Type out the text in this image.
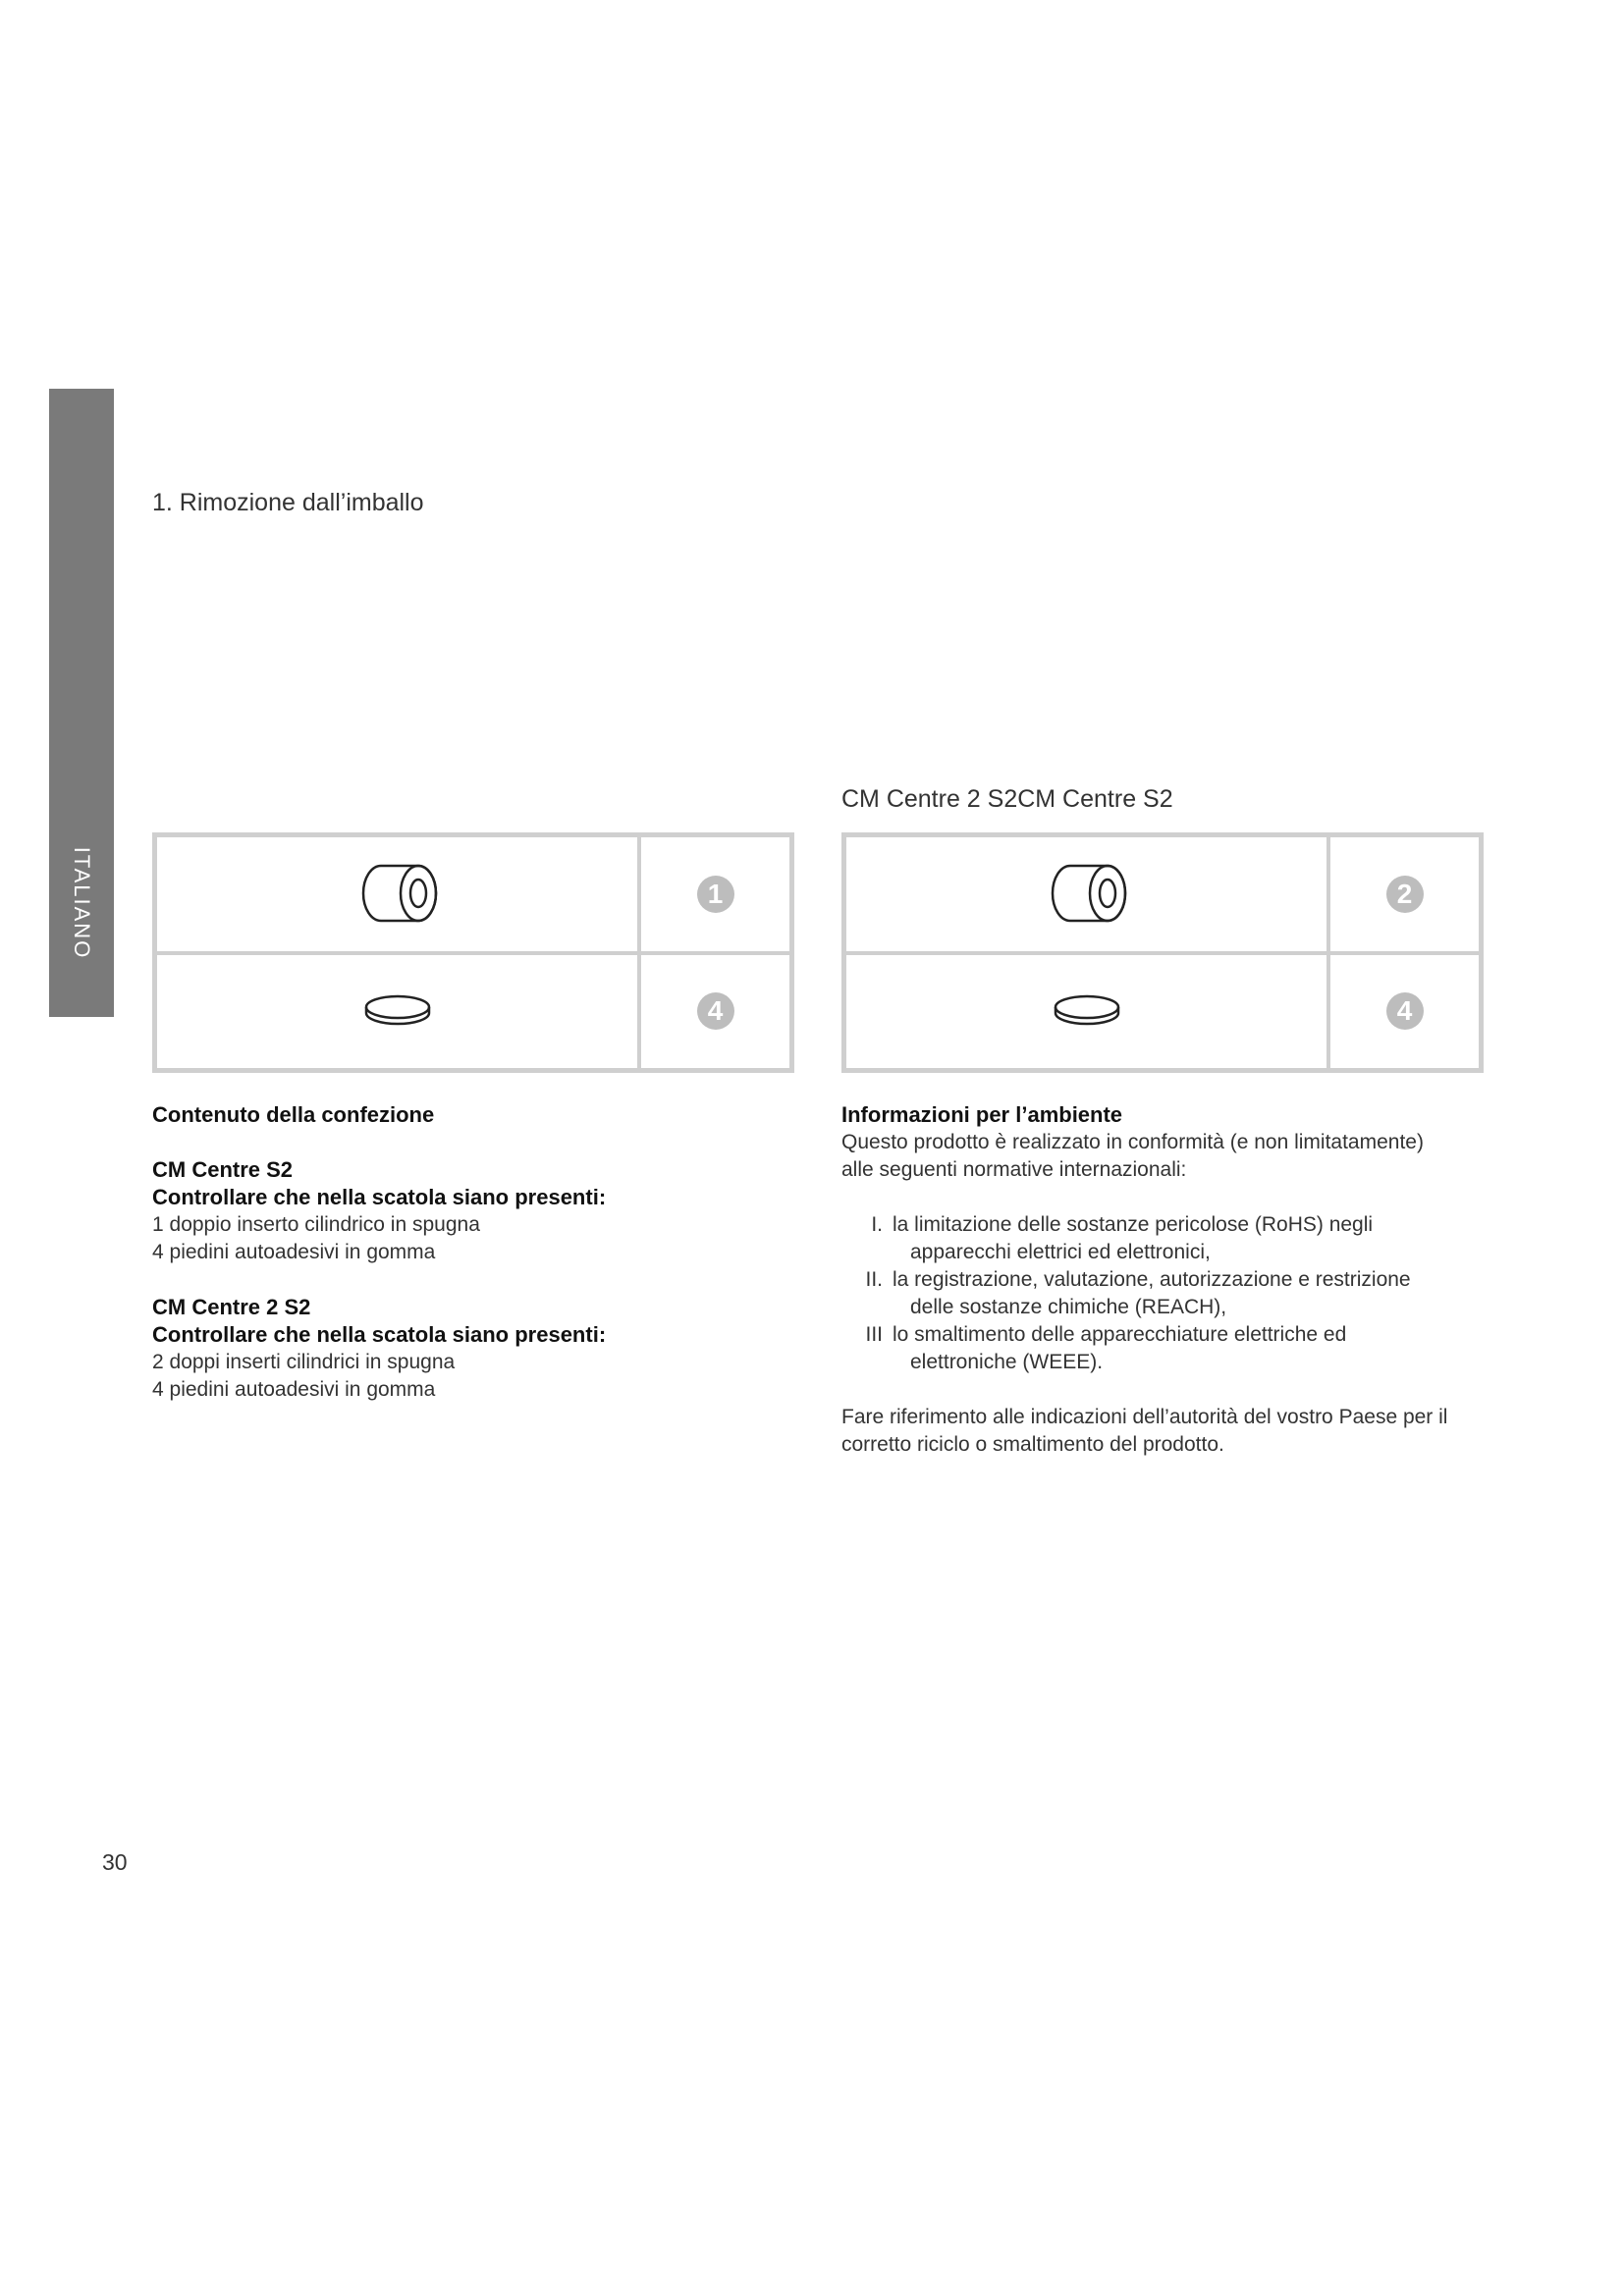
ITALIANO
1. Rimozione dall’imballo
CM Centre 2 S2CM Centre S2
1
4
2
4
Contenuto della confezione
CM Centre S2
Controllare che nella scatola siano presenti:
1 doppio inserto cilindrico in spugna
4 piedini autoadesivi in gomma
CM Centre 2 S2
Controllare che nella scatola siano presenti:
2 doppi inserti cilindrici in spugna
4 piedini autoadesivi in gomma
Informazioni per l’ambiente
Questo prodotto è realizzato in conformità (e non limitatamente)
alle seguenti normative internazionali:
I. la limitazione delle sostanze pericolose (RoHS) negli
apparecchi elettrici ed elettronici,
II. la registrazione, valutazione, autorizzazione e restrizione
delle sostanze chimiche (REACH),
III lo smaltimento delle apparecchiature elettriche ed
elettroniche (WEEE).
Fare riferimento alle indicazioni dell’autorità del vostro Paese per il
corretto riciclo o smaltimento del prodotto.
30
